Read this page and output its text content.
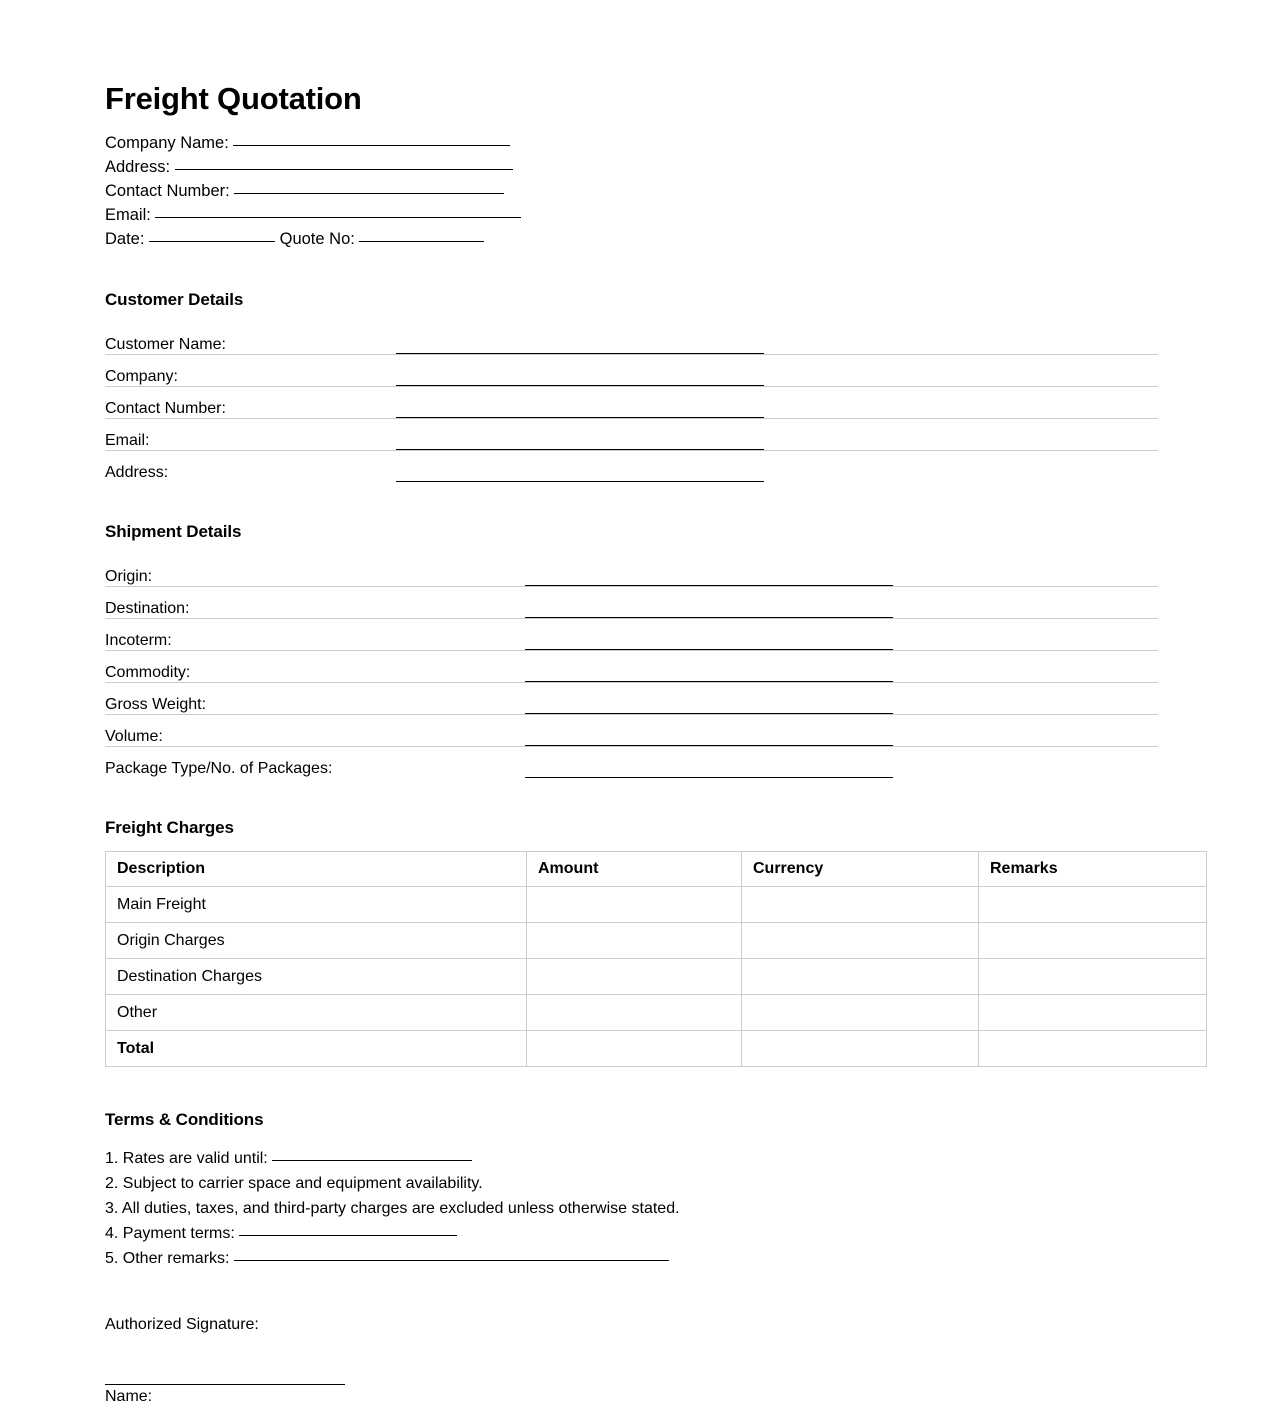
Freight Quotation
Company Name:
Address:
Contact Number:
Email:
Date:	Quote No:
Customer Details
Customer Name:	

Company:	

Contact Number:	

Email:	

Address:	
Shipment Details
Origin:	

Destination:	

Incoterm:	

Commodity:	

Gross Weight:	

Volume:	

Package Type/No. of Packages:	
Freight Charges
Description	Amount	Currency	Remarks
Main Freight			
Origin Charges			
Destination Charges			
Other			
Total			
Terms & Conditions
1. Rates are valid until:
2. Subject to carrier space and equipment availability.
3. All duties, taxes, and third-party charges are excluded unless otherwise stated.
4. Payment terms:
5. Other remarks:
Authorized Signature:
Name:
